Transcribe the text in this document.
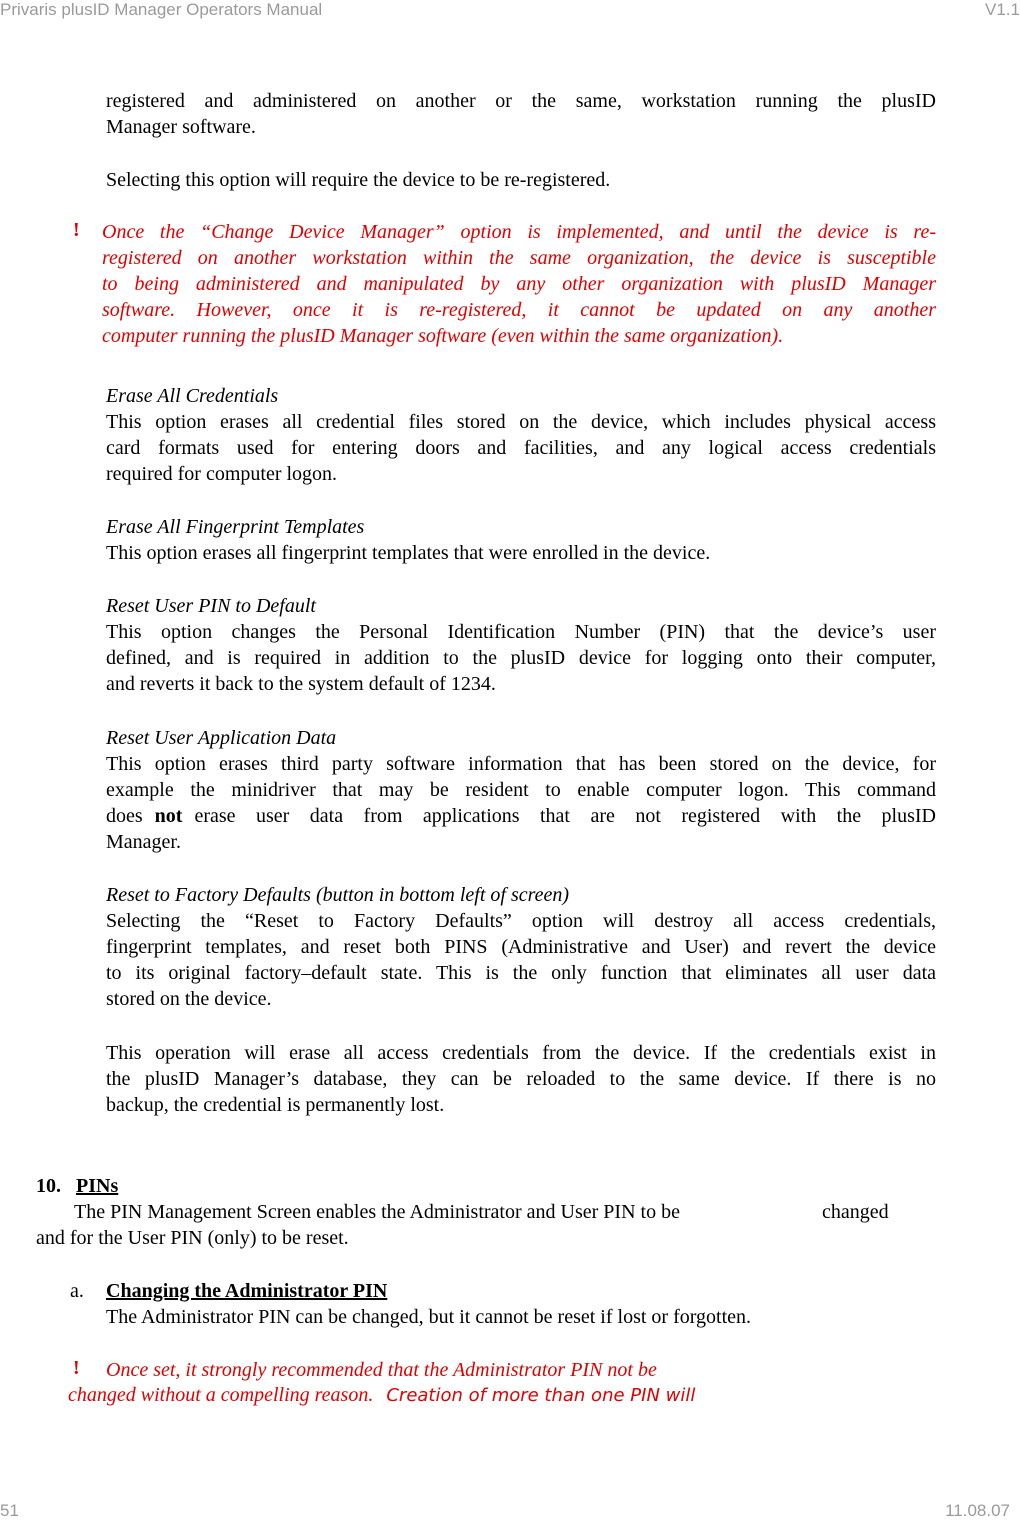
Privaris plusID Manager Operators Manual	V1.1
registered and administered on another or the same, workstation running the plusID
Manager software.
Selecting this option will require the device to be re-registered.
! Once the “Change Device Manager” option is implemented, and until the device is re-
registered on another workstation within the same organization, the device is susceptible
to being administered and manipulated by any other organization with plusID Manager
software. However, once it is re-registered, it cannot be updated on any another
computer running the plusID Manager software (even within the same organization).
Erase All Credentials
This option erases all credential files stored on the device, which includes physical access
card formats used for entering doors and facilities, and any logical access credentials
required for computer logon.
Erase All Fingerprint Templates
This option erases all fingerprint templates that were enrolled in the device.
Reset User PIN to Default
This option changes the Personal Identification Number (PIN) that the device’s user
defined, and is required in addition to the plusID device for logging onto their computer,
and reverts it back to the system default of 1234.
Reset User Application Data
This option erases third party software information that has been stored on the device, for
example the minidriver that may be resident to enable computer logon. This command
does not erase user data from applications that are not registered with the plusID
Manager.
Reset to Factory Defaults (button in bottom left of screen)
Selecting the “Reset to Factory Defaults” option will destroy all access credentials,
fingerprint templates, and reset both PINS (Administrative and User) and revert the device
to its original factory–default state. This is the only function that eliminates all user data
stored on the device.
This operation will erase all access credentials from the device. If the credentials exist in
the plusID Manager’s database, they can be reloaded to the same device. If there is no
backup, the credential is permanently lost.
10. PINs
The PIN Management Screen enables the Administrator and User PIN to be	changed
and for the User PIN (only) to be reset.
a. Changing the Administrator PIN
The Administrator PIN can be changed, but it cannot be reset if lost or forgotten.
! Once set, it strongly recommended that the Administrator PIN not be
changed without a compelling reason. Creation of more than one PIN will
51	11.08.07
